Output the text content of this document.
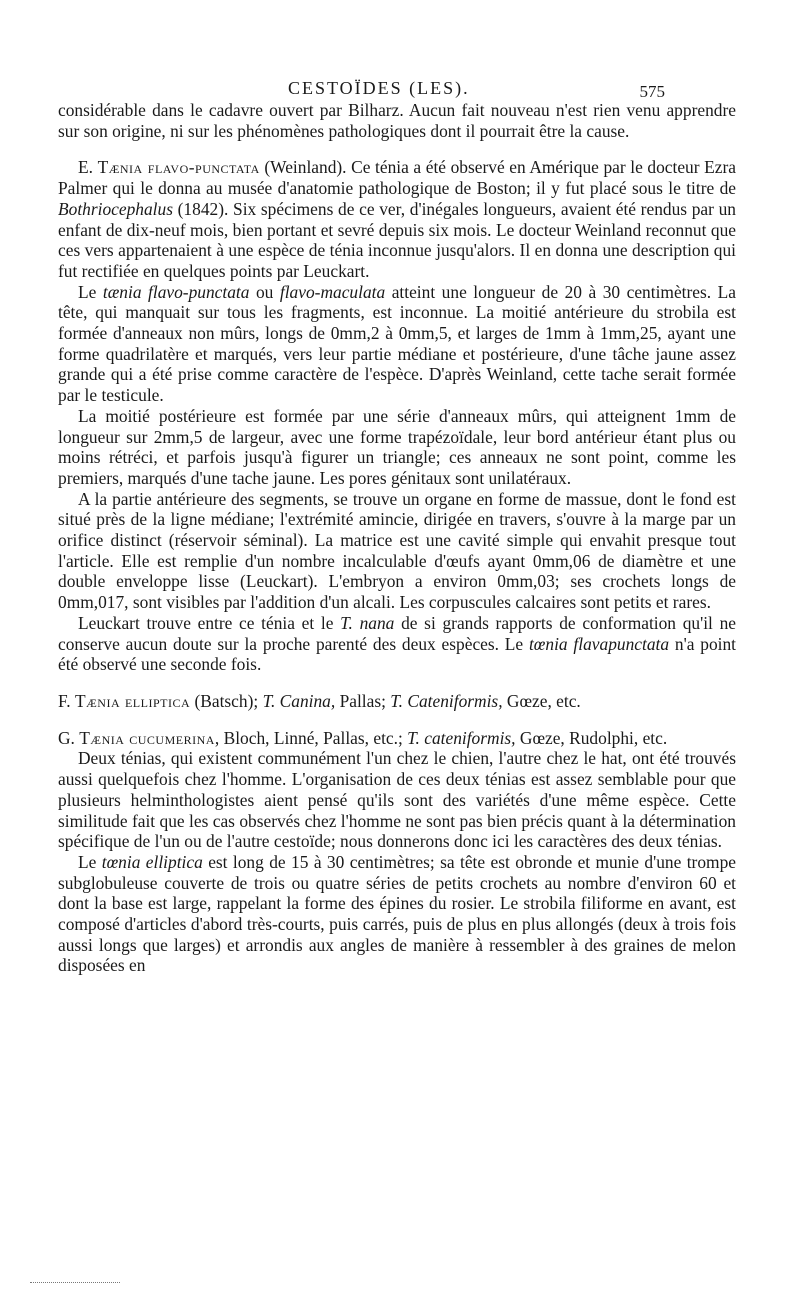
CESTOÏDES (LES).	575

considérable dans le cadavre ouvert par Bilharz. Aucun fait nouveau n'est rien venu apprendre sur son origine, ni sur les phénomènes pathologiques dont il pourrait être la cause.

E. Tænia flavo-punctata (Weinland). Ce ténia a été observé en Amérique par le docteur Ezra Palmer qui le donna au musée d'anatomie pathologique de Boston; il y fut placé sous le titre de Bothriocephalus (1842). Six spécimens de ce ver, d'inégales longueurs, avaient été rendus par un enfant de dix-neuf mois, bien portant et sevré depuis six mois. Le docteur Weinland reconnut que ces vers appartenaient à une espèce de ténia inconnue jusqu'alors. Il en donna une description qui fut rectifiée en quelques points par Leuckart.

Le tænia flavo-punctata ou flavo-maculata atteint une longueur de 20 à 30 centimètres. La tête, qui manquait sur tous les fragments, est inconnue. La moitié antérieure du strobila est formée d'anneaux non mûrs, longs de 0mm,2 à 0mm,5, et larges de 1mm à 1mm,25, ayant une forme quadrilatère et marqués, vers leur partie médiane et postérieure, d'une tâche jaune assez grande qui a été prise comme caractère de l'espèce. D'après Weinland, cette tache serait formée par le testicule.

La moitié postérieure est formée par une série d'anneaux mûrs, qui atteignent 1mm de longueur sur 2mm,5 de largeur, avec une forme trapézoïdale, leur bord antérieur étant plus ou moins rétréci, et parfois jusqu'à figurer un triangle; ces anneaux ne sont point, comme les premiers, marqués d'une tache jaune. Les pores génitaux sont unilatéraux.

A la partie antérieure des segments, se trouve un organe en forme de massue, dont le fond est situé près de la ligne médiane; l'extrémité amincie, dirigée en travers, s'ouvre à la marge par un orifice distinct (réservoir séminal). La matrice est une cavité simple qui envahit presque tout l'article. Elle est remplie d'un nombre incalculable d'œufs ayant 0mm,06 de diamètre et une double enveloppe lisse (Leuckart). L'embryon a environ 0mm,03; ses crochets longs de 0mm,017, sont visibles par l'addition d'un alcali. Les corpuscules calcaires sont petits et rares.

Leuckart trouve entre ce ténia et le T. nana de si grands rapports de conformation qu'il ne conserve aucun doute sur la proche parenté des deux espèces. Le tœnia flavapunctata n'a point été observé une seconde fois.

F. Tænia elliptica (Batsch); T. Canina, Pallas; T. Cateniformis, Gœze, etc.

G. Tænia cucumerina, Bloch, Linné, Pallas, etc.; T. cateniformis, Gœze, Rudolphi, etc.

Deux ténias, qui existent communément l'un chez le chien, l'autre chez le hat, ont été trouvés aussi quelquefois chez l'homme. L'organisation de ces deux ténias est assez semblable pour que plusieurs helminthologistes aient pensé qu'ils sont des variétés d'une même espèce. Cette similitude fait que les cas observés chez l'homme ne sont pas bien précis quant à la détermination spécifique de l'un ou de l'autre cestoïde; nous donnerons donc ici les caractères des deux ténias.

Le tœnia elliptica est long de 15 à 30 centimètres; sa tête est obronde et munie d'une trompe subglobuleuse couverte de trois ou quatre séries de petits crochets au nombre d'environ 60 et dont la base est large, rappelant la forme des épines du rosier. Le strobila filiforme en avant, est composé d'articles d'abord très-courts, puis carrés, puis de plus en plus allongés (deux à trois fois aussi longs que larges) et arrondis aux angles de manière à ressembler à des graines de melon disposées en
